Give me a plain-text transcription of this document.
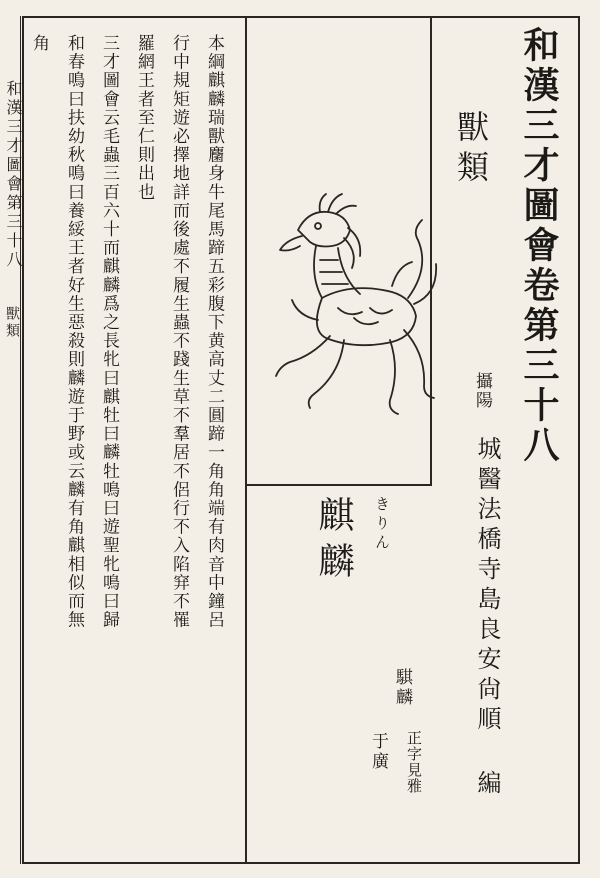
和漢三才圖會卷第三十八
攝陽
城醫法橋寺島良安尙順 編
獸類
麒麟	きりん
騏麟
正字見雅
于廣
本綱麒麟瑞獸麕身牛尾馬蹄五彩腹下黄高丈二圓蹄一角角端有肉音中鐘呂
行中規矩遊必擇地詳而後處不履生蟲不踐生草不羣居不侶行不入陷穽不罹
羅網王者至仁則出也
三才圖會云毛蟲三百六十而麒麟爲之長牝曰麒牡曰麟牡鳴曰遊聖牝鳴曰歸
和春鳴曰扶幼秋鳴曰養綏王者好生惡殺則麟遊于野或云麟有角麒相似而無
角
和漢三才圖會第三十八
獸類
